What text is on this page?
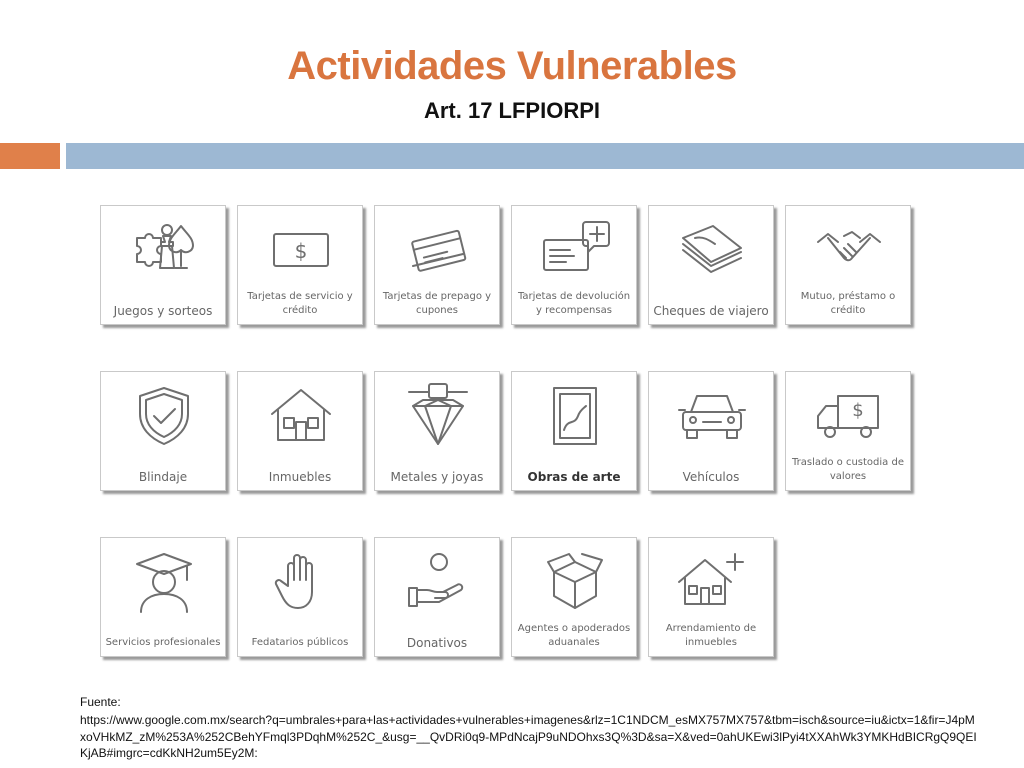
Actividades Vulnerables
Art. 17 LFPIORPI
Juegos y sorteos
$
Tarjetas de servicio y crédito
Tarjetas de prepago y cupones
Tarjetas de devolución y recompensas	Cheques de viajero
Mutuo, préstamo o crédito
Blindaje	Inmuebles	Metales y joyas	Obras de arte	Vehículos
$
Traslado o custodia de valores
Servicios profesionales	Fedatarios públicos	Donativos
Agentes o apoderados aduanales
Arrendamiento de inmuebles
Fuente:
https://www.google.com.mx/search?q=umbrales+para+las+actividades+vulnerables+imagenes&rlz=1C1NDCM_esMX757MX757&tbm=isch&source=iu&ictx=1&fir=J4pMxoVHkMZ_zM%253A%252CBehYFmql3PDqhM%252C_&usg=__QvDRi0q9-MPdNcajP9uNDOhxs3Q%3D&sa=X&ved=0ahUKEwi3lPyi4tXXAhWk3YMKHdBICRgQ9QEIKjAB#imgrc=cdKkNH2um5Ey2M:
